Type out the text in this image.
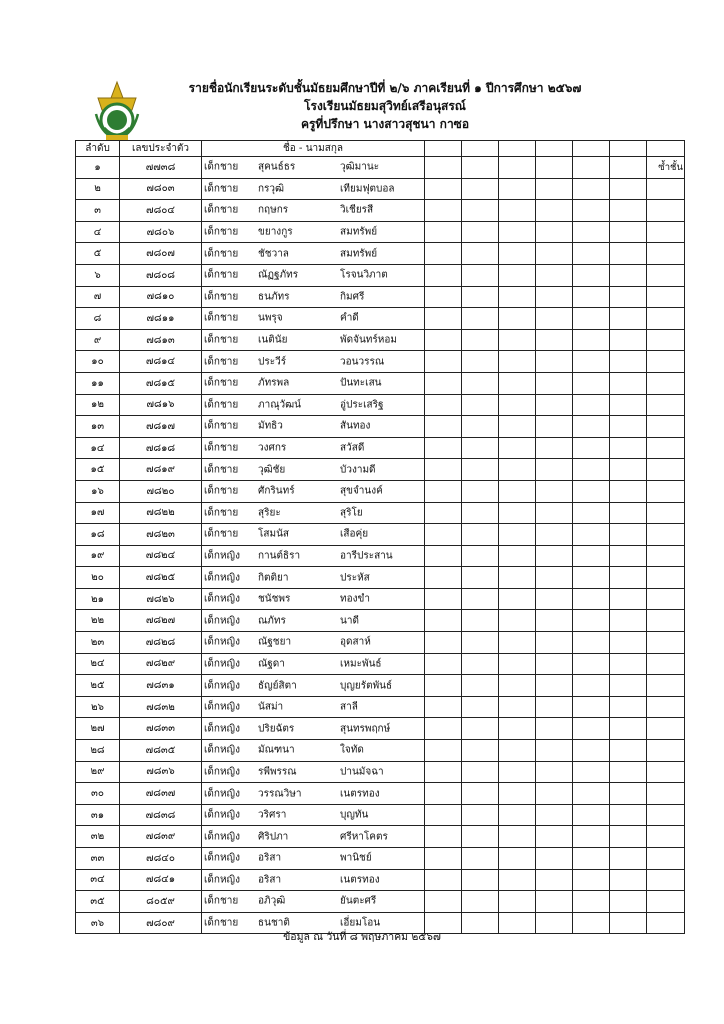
รายชื่อนักเรียนระดับชั้นมัธยมศึกษาปีที่ ๒/๖ ภาคเรียนที่ ๑ ปีการศึกษา ๒๕๖๗
โรงเรียนมัธยมสุวิทย์เสรีอนุสรณ์
ครูที่ปรึกษา นางสาวสุชนา กาซอ
ลำดับ	เลขประจำตัว	ชื่อ - นามสกุล							
๑	๗๗๓๘	เด็กชาย สุคนธ์ธร วุฒิมานะ							ซ้ำชั้น
๒	๗๘๐๓	เด็กชาย กรวุฒิ เทียมฟุตบอล							

๓	๗๘๐๔	เด็กชาย กฤษกร วิเชียรสี							

๔	๗๘๐๖	เด็กชาย ขยางกูร สมทรัพย์							

๕	๗๘๐๗	เด็กชาย ชัชวาล สมทรัพย์							

๖	๗๘๐๘	เด็กชาย ณัฏฐภัทร โรจนวิภาต							

๗	๗๘๑๐	เด็กชาย ธนภัทร กิมศรี							

๘	๗๘๑๑	เด็กชาย นพรุจ คำดี							

๙	๗๘๑๓	เด็กชาย เนตินัย พัดจันทร์หอม							

๑๐	๗๘๑๔	เด็กชาย ประวีร์ วอนวรรณ							

๑๑	๗๘๑๕	เด็กชาย ภัทรพล ปันทะเสน							

๑๒	๗๘๑๖	เด็กชาย ภาณุวัฒน์ อู่ประเสริฐ							

๑๓	๗๘๑๗	เด็กชาย มัทธิว สันทอง							

๑๔	๗๘๑๘	เด็กชาย วงศกร สวัสดี							

๑๕	๗๘๑๙	เด็กชาย วุฒิชัย บัวงามดี							

๑๖	๗๘๒๐	เด็กชาย ศักรินทร์ สุขจำนงค์							

๑๗	๗๘๒๒	เด็กชาย สุริยะ สุริโย							

๑๘	๗๘๒๓	เด็กชาย โสมนัส เสือคุ่ย							

๑๙	๗๘๒๔	เด็กหญิง กานต์ธิรา อารีประสาน							

๒๐	๗๘๒๕	เด็กหญิง กิตติยา ประหัส							

๒๑	๗๘๒๖	เด็กหญิง ชนัชพร ทองขำ							

๒๒	๗๘๒๗	เด็กหญิง ณภัทร นาดี							

๒๓	๗๘๒๘	เด็กหญิง ณัฐชยา อุดสาห์							

๒๔	๗๘๒๙	เด็กหญิง ณัฐดา เหมะพันธ์							

๒๕	๗๘๓๑	เด็กหญิง ธัญย์สิตา บุญยรัตพันธ์							

๒๖	๗๘๓๒	เด็กหญิง นัสม่า สาลี							

๒๗	๗๘๓๓	เด็กหญิง ปริยฉัตร สุนทรพฤกษ์							

๒๘	๗๘๓๕	เด็กหญิง มัณฑนา ใจทัด							

๒๙	๗๘๓๖	เด็กหญิง รพีพรรณ ปานมัจฉา							

๓๐	๗๘๓๗	เด็กหญิง วรรณวิษา เนตรทอง							

๓๑	๗๘๓๘	เด็กหญิง วริศรา บุญทัน							

๓๒	๗๘๓๙	เด็กหญิง ศิริปภา ศรีหาโคตร							

๓๓	๗๘๔๐	เด็กหญิง อริสา พานิชย์							

๓๔	๗๘๔๑	เด็กหญิง อริสา เนตรทอง							

๓๕	๘๐๕๙	เด็กชาย อภิวุฒิ ยันตะศรี							

๓๖	๗๘๐๙	เด็กชาย ธนชาติ เอี่ยมโอน							

ข้อมูล ณ วันที่ ๘ พฤษภาคม ๒๕๖๗
